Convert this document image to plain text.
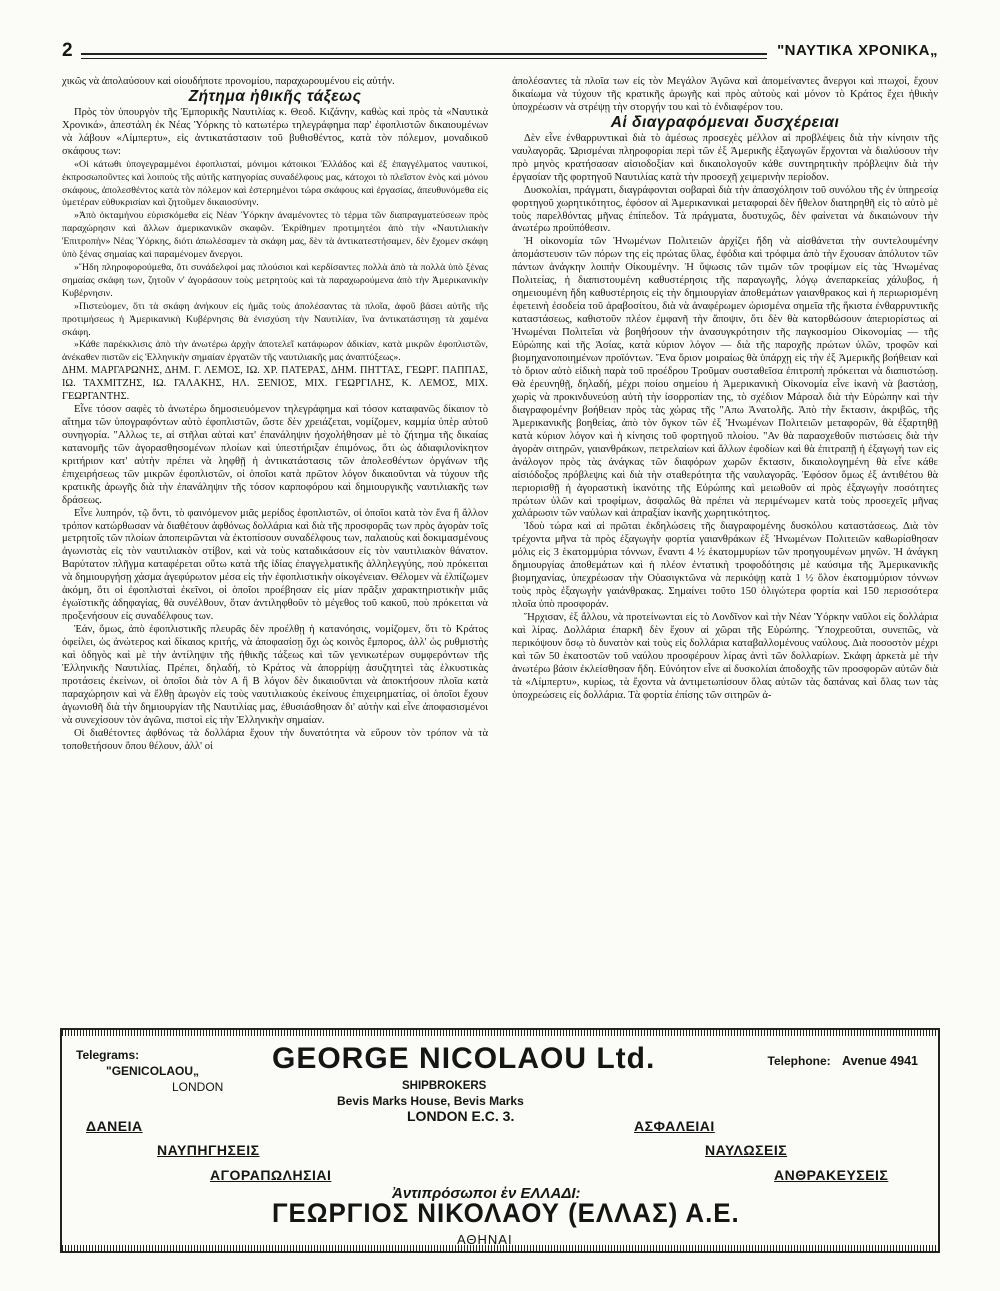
2	"ΝΑΥΤΙΚΑ ΧΡΟΝΙΚΑ„

χικῶς νὰ ἀπολαύσουν καὶ οἱουδήποτε προνομίου, παραχωρουμένου εἰς αὐτήν.

Ζήτημα ἠθικῆς τάξεως

Πρὸς τὸν ὑπουργὸν τῆς Ἐμπορικῆς Ναυτιλίας κ. Θεοδ. Κιζάνην, καθὼς καὶ πρὸς τὰ «Ναυτικὰ Χρονικά», ἀπεστάλη ἐκ Νέας Ὑόρκης τὸ κατωτέρω τηλεγράφημα παρ' ἐφοπλιστῶν δικαιουμένων νὰ λάβουν «Λίμπερτυ», εἰς ἀντικατάστασιν τοῦ βυθισθέντος, κατὰ τὸν πόλεμον, μοναδικοῦ σκάφους των:

«Οἱ κάτωθι ὑπογεγραμμένοι ἐφοπλισταί, μόνιμοι κάτοικοι Ἑλλάδος καὶ ἐξ ἐπαγγέλματος ναυτικοί, ἐκπροσωποῦντες καὶ λοιποὺς τῆς αὐτῆς κατηγορίας συναδέλφους μας, κάτοχοι τὸ πλεῖστον ἑνὸς καὶ μόνου σκάφους, ἀπολεσθέντος κατὰ τὸν πόλεμον καὶ ἐστερημένοι τώρα σκάφους καὶ ἐργασίας, ἀπευθυνόμεθα εἰς ὑμετέραν εὐθυκρισίαν καὶ ζητοῦμεν δικαιοσύνην.

»Ἀπὸ ὀκταμήνου εὑρισκόμεθα εἰς Νέαν Ὑόρκην ἀναμένοντες τὸ τέρμα τῶν διαπραγματεύσεων πρὸς παραχώρησιν καὶ ἄλλων ἀμερικανικῶν σκαφῶν. Ἐκρίθημεν προτιμητέοι ἀπὸ τὴν «Ναυτιλιακὴν Ἐπιτροπὴν» Νέας Ὑόρκης, διότι ἀπωλέσαμεν τὰ σκάφη μας, δὲν τὰ ἀντικατεστήσαμεν, δὲν ἔχομεν σκάφη ὑπὸ ξένας σημαίας καὶ παραμένομεν ἄνεργοι.

»Ἤδη πληροφορούμεθα, ὅτι συνάδελφοί μας πλούσιοι καὶ κερδίσαντες πολλὰ ἀπὸ τὰ πολλὰ ὑπὸ ξένας σημαίας σκάφη των, ζητοῦν ν' ἀγοράσουν τοὺς μετρητοὺς καὶ τὰ παραχωρούμενα ἀπὸ τὴν Ἀμερικανικὴν Κυβέρνησιν.

»Πιστεύομεν, ὅτι τὰ σκάφη ἀνήκουν εἰς ἡμᾶς τοὺς ἀπολέσαντας τὰ πλοῖα, ἀφοῦ βάσει αὐτῆς τῆς προτιμήσεως ἡ Ἀμερικανικὴ Κυβέρνησις θὰ ἐνισχύση τὴν Ναυτιλίαν, ἵνα ἀντικατάστησῃ τὰ χαμένα σκάφη.

»Κάθε παρέκκλισις ἀπὸ τὴν ἀνωτέρω ἀρχὴν ἀποτελεῖ κατάφωρον ἀδικίαν, κατὰ μικρῶν ἐφοπλιστῶν, ἀνέκαθεν πιστῶν εἰς Ἑλληνικὴν σημαίαν ἐργατῶν τῆς ναυτιλιακῆς μας ἀναπτύξεως».

ΔΗΜ. ΜΑΡΓΑΡΩΝΗΣ, ΔΗΜ. Γ. ΛΕΜΟΣ, ΙΩ. ΧΡ. ΠΑΤΕΡΑΣ, ΔΗΜ. ΠΗΤΤΑΣ, ΓΕΩΡΓ. ΠΑΠΠΑΣ, ΙΩ. ΤΑΧΜΙΤΖΗΣ, ΙΩ. ΓΑΛΑΚΗΣ, ΗΛ. ΞΕΝΙΟΣ, ΜΙΧ. ΓΕΩΡΓΙΛΗΣ, Κ. ΛΕΜΟΣ, ΜΙΧ. ΓΕΩΡΓΑΝΤΗΣ.

Εἶνε τόσον σαφὲς τὸ ἀνωτέρω δημοσιευόμενον τηλεγράφημα καὶ τόσον καταφανῶς δίκαιον τὸ αἴτημα τῶν ὑπογραφόντων αὐτὸ ἐφοπλιστῶν, ὥστε δὲν χρειάζεται, νομίζομεν, καμμία ὑπὲρ αὐτοῦ συνηγορία. "Αλλως τε, αἱ στῆλαι αὐταὶ κατ' ἐπανάληψιν ἠσχολήθησαν μὲ τὸ ζήτημα τῆς δικαίας κατανομῆς τῶν ἀγορασθησομένων πλοίων καὶ ὑπεστήριξαν ἐπιμόνως, ὅτι ὡς ἀδιαφιλονίκητον κριτήριον κατ' αὐτὴν πρέπει νὰ ληφθῇ ἡ ἀντικατάστασις τῶν ἀπολεσθέντων ὀργάνων τῆς ἐπιχειρήσεως τῶν μικρῶν ἐφοπλιστῶν, οἱ ὁποῖοι κατὰ πρῶτον λόγον δικαιοῦνται νὰ τύχουν τῆς κρατικῆς ἀρωγῆς διὰ τὴν ἐπανάληψιν τῆς τόσον καρποφόρου καὶ δημιουργικῆς ναυτιλιακῆς των δράσεως.

Εἶνε λυπηρόν, τῷ ὄντι, τὸ φαινόμενον μιᾶς μερίδος ἐφοπλιστῶν, οἱ ὁποῖοι κατὰ τὸν ἕνα ἢ ἄλλον τρόπον κατώρθωσαν νὰ διαθέτουν ἀφθόνως δολλάρια καὶ διὰ τῆς προσφορᾶς των πρὸς ἀγορὰν τοῖς μετρητοῖς τῶν πλοίων ἀποπειρῶνται νὰ ἐκτοπίσουν συναδέλφους των, παλαιοὺς καὶ δοκιμασμένους ἀγωνιστὰς εἰς τὸν ναυτιλιακὸν στίβον, καὶ νὰ τοὺς καταδικάσουν εἰς τὸν ναυτιλιακὸν θάνατον. Βαρύτατον πλῆγμα καταφέρεται οὕτω κατὰ τῆς ἰδίας ἐπαγγελματικῆς ἀλληλεγγύης, ποὺ πρόκειται νὰ δημιουργήσῃ χάσμα ἀγεφύρωτον μέσα εἰς τὴν ἐφοπλιστικὴν οἰκογένειαν. Θέλομεν νὰ ἐλπίζωμεν ἀκόμη, ὅτι οἱ ἐφοπλισταὶ ἐκεῖνοι, οἱ ὁποῖοι προέβησαν εἰς μίαν πρᾶξιν χαρακτηριστικὴν μιᾶς ἐγωϊστικῆς ἀδηφαγίας, θὰ συνέλθουν, ὅταν ἀντιληφθοῦν τὸ μέγεθος τοῦ κακοῦ, ποὺ πρόκειται νὰ προξενήσουν εἰς συναδέλφους των.

Ἐάν, ὅμως, ἀπὸ ἐφοπλιστικῆς πλευρᾶς δὲν προέλθῃ ἡ κατανόησις, νομίζομεν, ὅτι τὸ Κράτος ὀφείλει, ὡς ἀνώτερος καὶ δίκαιος κριτής, νὰ ἀποφασίσῃ ὄχι ὡς κοινὸς ἔμπορος, ἀλλ' ὡς ρυθμιστὴς καὶ ὁδηγὸς καὶ μὲ τὴν ἀντίληψιν τῆς ἠθικῆς τάξεως καὶ τῶν γενικωτέρων συμφερόντων τῆς Ἑλληνικῆς Ναυτιλίας. Πρέπει, δηλαδή, τὸ Κράτος νὰ ἀπορρίψῃ ἀσυζητητεὶ τὰς ἑλκυστικὰς προτάσεις ἐκείνων, οἱ ὁποῖοι διὰ τὸν Α ἢ Β λόγον δὲν δικαιοῦνται νὰ ἀποκτήσουν πλοῖα κατὰ παραχώρησιν καὶ νὰ ἔλθῃ ἀρωγὸν εἰς τοὺς ναυτιλιακοὺς ἐκείνους ἐπιχειρηματίας, οἱ ὁποῖοι ἔχουν ἀγωνισθῆ διὰ τὴν δημιουργίαν τῆς Ναυτιλίας μας, ἐθυσιάσθησαν δι' αὐτὴν καὶ εἶνε ἀποφασισμένοι νὰ συνεχίσουν τὸν ἀγῶνα, πιστοὶ εἰς τὴν Ἑλληνικὴν σημαίαν.

Οἱ διαθέτοντες ἀφθόνως τὰ δολλάρια ἔχουν τὴν δυνατότητα νὰ εὕρουν τὸν τρόπον νὰ τὰ τοποθετήσουν ὅπου θέλουν, ἀλλ' οἱ

ἀπολέσαντες τὰ πλοῖα των εἰς τὸν Μεγάλον Ἀγῶνα καὶ ἀπομείναντες ἄνεργοι καὶ πτωχοί, ἔχουν δικαίωμα νὰ τύχουν τῆς κρατικῆς ἀρωγῆς καὶ πρὸς αὐτοὺς καὶ μόνον τὸ Κράτος ἔχει ἠθικὴν ὑποχρέωσιν νὰ στρέψῃ τὴν στοργήν του καὶ τὸ ἐνδιαφέρον του.

Αἱ διαγραφόμεναι δυσχέρειαι

Δὲν εἶνε ἐνθαρρυντικαὶ διὰ τὸ ἀμέσως προσεχὲς μέλλον αἱ προβλέψεις διὰ τὴν κίνησιν τῆς ναυλαγορᾶς. Ὡρισμέναι πληροφορίαι περὶ τῶν ἐξ Ἀμερικῆς ἐξαγωγῶν ἔρχονται νὰ διαλύσουν τὴν πρὸ μηνὸς κρατήσασαν αἰσιοδοξίαν καὶ δικαιολογοῦν κάθε συντηρητικὴν πρόβλεψιν διὰ τὴν ἐργασίαν τῆς φορτηγοῦ Ναυτιλίας κατὰ τὴν προσεχῆ χειμερινὴν περίοδον.

Δυσκολίαι, πράγματι, διαγράφονται σοβαραὶ διὰ τὴν ἀπασχόλησιν τοῦ συνόλου τῆς ἐν ὑπηρεσίᾳ φορτηγοῦ χωρητικότητος, ἐφόσον αἱ Ἀμερικανικαὶ μεταφοραὶ δὲν ἤθελον διατηρηθῆ εἰς τὸ αὐτὸ μὲ τοὺς παρελθόντας μῆνας ἐπίπεδον. Τὰ πράγματα, δυστυχῶς, δὲν φαίνεται νὰ δικαιώνουν τὴν ἀνωτέρω προϋπόθεσιν.

Ἡ οἰκονομία τῶν Ἡνωμένων Πολιτειῶν ἀρχίζει ἤδη νὰ αἰσθάνεται τὴν συντελουμένην ἀπομάστευσιν τῶν πόρων της εἰς πρώτας ὕλας, ἐφόδια καὶ τρόφιμα ἀπὸ τὴν ἔχουσαν ἀπόλυτον τῶν πάντων ἀνάγκην λοιπὴν Οἰκουμένην. Ἡ ὕψωσις τῶν τιμῶν τῶν τροφίμων εἰς τὰς Ἡνωμένας Πολιτείας, ἡ διαπιστουμένη καθυστέρησις τῆς παραγωγῆς, λόγῳ ἀνεπαρκείας χάλυβος, ἡ σημειουμένη ἤδη καθυστέρησις εἰς τὴν δημιουργίαν ἀποθεμάτων γαιανθρακος καὶ ἡ περιωρισμένη ἐφετεινὴ ἐσοδεία τοῦ ἀραβοσίτου, διὰ νὰ ἀναφέρωμεν ὡρισμένα σημεῖα τῆς ἥκιστα ἐνθαρρυντικῆς καταστάσεως, καθιστοῦν πλέον ἐμφανῆ τὴν ἄποψιν, ὅτι δὲν θὰ κατορθώσουν ἀπεριορίστως αἱ Ἡνωμέναι Πολιτεῖαι νὰ βοηθήσουν τὴν ἀνασυγκρότησιν τῆς παγκοσμίου Οἰκονομίας — τῆς Εὐρώπης καὶ τῆς Ἀσίας, κατὰ κύριον λόγον — διὰ τῆς παροχῆς πρώτων ὑλῶν, τροφῶν καὶ βιομηχανοποιημένων προϊόντων. Ἕνα ὅριον μοιραίως θὰ ὑπάρχῃ εἰς τὴν ἐξ Ἀμερικῆς βοήθειαν καὶ τὸ ὅριον αὐτὸ εἰδικὴ παρὰ τοῦ προέδρου Τροῦμαν συσταθεῖσα ἐπιτροπὴ πρόκειται νὰ διαπιστώσῃ. Θὰ ἐρευνηθῇ, δηλαδή, μέχρι ποίου σημείου ἡ Ἀμερικανικὴ Οἰκονομία εἶνε ἱκανὴ νὰ βαστάσῃ, χωρὶς νὰ προκινδυνεύσῃ αὐτὴ τὴν ἰσορροπίαν της, τὸ σχέδιον Μάρσαλ διὰ τὴν Εὐρώπην καὶ τὴν διαγραφομένην βοήθειαν πρὸς τὰς χώρας τῆς "Απω Ἀνατολῆς. Ἀπὸ τὴν ἔκτασιν, ἀκριβῶς, τῆς Ἀμερικανικῆς βοηθείας, ἀπὸ τὸν ὄγκον τῶν ἐξ Ἡνωμένων Πολιτειῶν μεταφορῶν, θὰ ἐξαρτηθῇ κατὰ κύριον λόγον καὶ ἡ κίνησις τοῦ φορτηγοῦ πλοίου. "Αν θὰ παρασχεθοῦν πιστώσεις διὰ τὴν ἀγορὰν σιτηρῶν, γαιανθράκων, πετρελαίων καὶ ἄλλων ἐφοδίων καὶ θὰ ἐπιτραπῇ ἡ ἐξαγωγή των εἰς ἀνάλογον πρὸς τὰς ἀνάγκας τῶν διαφόρων χωρῶν ἔκτασιν, δικαιολογημένη θὰ εἶνε κάθε αἰσιόδοξος πρόβλεψις καὶ διὰ τὴν σταθερότητα τῆς ναυλαγορᾶς. Ἐφόσον ὅμως ἐξ ἀντιθέτου θὰ περιορισθῇ ἡ ἀγοραστικὴ ἱκανότης τῆς Εὐρώπης καὶ μειωθοῦν αἱ πρὸς ἐξαγωγὴν ποσότητες πρώτων ὑλῶν καὶ τροφίμων, ἀσφαλῶς θὰ πρέπει νὰ περιμένωμεν κατὰ τοὺς προσεχεῖς μῆνας χαλάρωσιν τῶν ναύλων καὶ ἀπραξίαν ἱκανῆς χωρητικότητος.

Ἰδοὺ τώρα καὶ αἱ πρῶται ἐκδηλώσεις τῆς διαγραφομένης δυσκόλου καταστάσεως. Διὰ τὸν τρέχοντα μῆνα τὰ πρὸς ἐξαγωγὴν φορτία γαιανθράκων ἐξ Ἡνωμένων Πολιτειῶν καθωρίσθησαν μόλις εἰς 3 ἑκατομμύρια τόννων, ἔναντι 4 ½ ἑκατομμυρίων τῶν προηγουμένων μηνῶν. Ἡ ἀνάγκη δημιουργίας ἀποθεμάτων καὶ ἡ πλέον ἐντατικὴ τροφοδότησις μὲ καύσιμα τῆς Ἀμερικανικῆς βιομηχανίας, ὑπεχρέωσαν τὴν Οὐασιγκτῶνα νὰ περικόψῃ κατὰ 1 ½ ὅλον ἑκατομμύριον τόννων τοὺς πρὸς ἐξαγωγὴν γαιάνθρακας. Σημαίνει τοῦτο 150 ὀλιγώτερα φορτία καὶ 150 περισσότερα πλοῖα ὑπὸ προσφοράν.

Ἤρχισαν, ἐξ ἄλλου, νὰ προτείνωνται εἰς τὸ Λονδῖνον καὶ τὴν Νέαν Ὑόρκην ναῦλοι εἰς δολλάρια καὶ λίρας. Δολλάρια ἐπαρκῆ δὲν ἔχουν αἱ χῶραι τῆς Εὐρώπης. Ὑποχρεοῦται, συνεπῶς, νὰ περικόψουν ὅσῳ τὸ δυνατὸν καὶ τοὺς εἰς δολλάρια καταβαλλομένους ναύλους. Διὰ ποσοστὸν μέχρι καὶ τῶν 50 ἑκατοστῶν τοῦ ναύλου προσφέρουν λίρας ἀντὶ τῶν δολλαρίων. Σκάφη ἀρκετὰ μὲ τὴν ἀνωτέρω βάσιν ἐκλείσθησαν ἤδη. Εὐνόητον εἶνε αἱ δυσκολίαι ἀποδοχῆς τῶν προσφορῶν αὐτῶν διὰ τὰ «Λίμπερτυ», κυρίως, τὰ ἔχοντα νὰ ἀντιμετωπίσουν ὅλας αὐτῶν τὰς δαπάνας καὶ ὅλας των τὰς ὑποχρεώσεις εἰς δολλάρια. Τὰ φορτία ἐπίσης τῶν σιτηρῶν ἀ-

Telegrams:
"GENICOLAOU„
LONDON
GEORGE NICOLAOU Ltd.	Telephone: Avenue 4941
SHIPBROKERS
Bevis Marks House, Bevis Marks
LONDON E.C. 3.
ΔΑΝΕΙΑ
ΝΑΥΠΗΓΗΣΕΙΣ
ΑΓΟΡΑΠΩΛΗΣΙΑΙ
ΑΣΦΑΛΕΙΑΙ
ΝΑΥΛΩΣΕΙΣ
ΑΝΘΡΑΚΕΥΣΕΙΣ
Ἀντιπρόσωποι ἐν ΕΛΛΑΔΙ:
ΓΕΩΡΓΙΟΣ ΝΙΚΟΛΑΟΥ (ΕΛΛΑΣ) Α.Ε.
ΑΘΗΝΑΙ
